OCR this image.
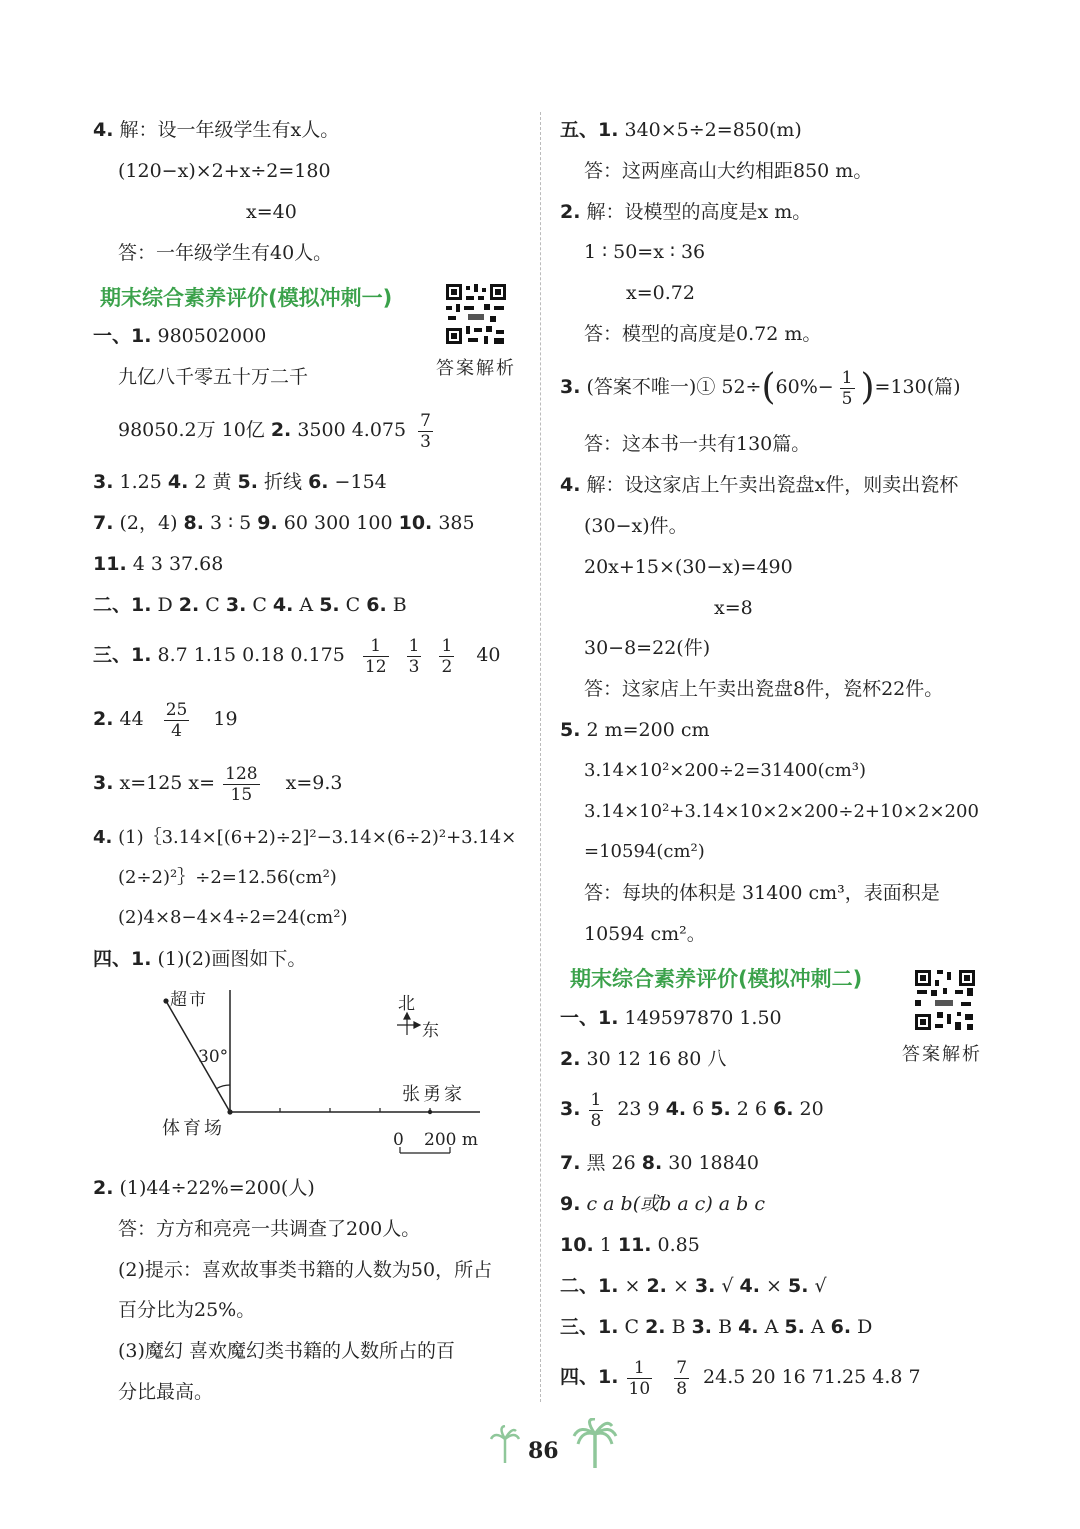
4. 解：设一年级学生有x人。
(120−x)×2+x÷2=180
x=40
答：一年级学生有40人。
期末综合素养评价(模拟冲刺一)
答案解析
一、1. 980502000
九亿八千零五十万二千
98050.2万 10亿 2. 3500 $4.075 \frac{7}{3}$
3. 1.25 4. 2 黄 5. 折线 6. −154
7. (2，4) 8. 3 ∶ 5 9. 60 300 100 10. 385
11. 4 3 37.68
二、1. D 2. C 3. C 4. A 5. C 6. B
三、1. 8.7 1.15 0.18 $0.175 \frac{1}{12}$
$\frac{1}{3}$
$\frac{1}{2} 40$
2. $44 \frac{25}{4} 19$
3. x=125 $x= \frac{128}{15} x=9.3$
4. (1)｛3.14×[(6+2)÷2]²−3.14×(6÷2)²+3.14×
(2÷2)²｝÷2=12.56(cm²)
(2)4×8−4×4÷2=24(cm²)
四、1. (1)(2)画图如下。
超市
30°
北
东
张勇家
体育场
0 200 m
2. (1)44÷22%=200(人)
答：方方和亮亮一共调查了200人。
(2)提示：喜欢故事类书籍的人数为50，所占
百分比为25%。
(3)魔幻 喜欢魔幻类书籍的人数所占的百
分比最高。
五、1. 340×5÷2=850(m)
答：这两座高山大约相距850 m。
2. 解：设模型的高度是x m。
1 ∶ 50=x ∶ 36
x=0.72
答：模型的高度是0.72 m。
3. (答案不唯一)① $52\div(60\%- \frac{1}{5} )=130$(篇)
答：这本书一共有130篇。
4. 解：设这家店上午卖出瓷盘x件，则卖出瓷杯
(30−x)件。
20x+15×(30−x)=490
x=8
30−8=22(件)
答：这家店上午卖出瓷盘8件，瓷杯22件。
5. 2 m=200 cm
3.14×10²×200÷2=31400(cm³)
3.14×10²+3.14×10×2×200÷2+10×2×200
=10594(cm²)
答：每块的体积是 31400 cm³，表面积是
10594 cm²。
期末综合素养评价(模拟冲刺二)
答案解析
一、1. 149597870 1.50
2. 30 12 16 80 八
3. $\frac{1}{8} 23$ 9 4. 6 5. 2 6 6. 20
7. 黑 26 8. 30 18840
9. c a b(或b a c) a b c
10. 1 11. 0.85
二、1. × 2. × 3. √ 4. × 5. √
三、1. C 2. B 3. B 4. A 5. A 6. D
四、1. $\frac{1}{10}$
$\frac{7}{8} 24.5$ 20 16 71.25 4.8 7
86
